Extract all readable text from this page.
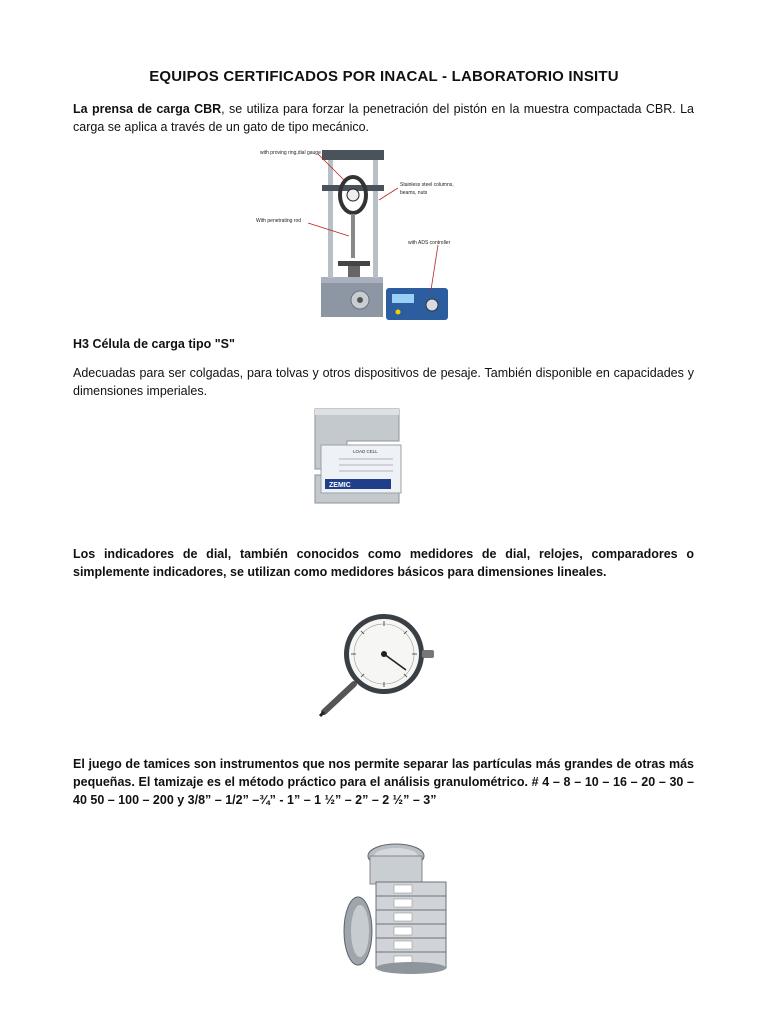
EQUIPOS CERTIFICADOS POR INACAL - LABORATORIO INSITU
La prensa de carga CBR, se utiliza para forzar la penetración del pistón en la muestra compactada CBR. La carga se aplica a través de un gato de tipo mecánico.
with proving ring,dial gauge
Stainless steel columns,
beams, nuts
With penetrating rod
with ADS controller
H3 Célula de carga tipo "S"
Adecuadas para ser colgadas, para tolvas y otros dispositivos de pesaje. También disponible en capacidades y dimensiones imperiales.
LOAD CELL
ZEMIC
Los indicadores de dial, también conocidos como medidores de dial, relojes, comparadores o simplemente indicadores, se utilizan como medidores básicos para dimensiones lineales.
El juego de tamices son instrumentos que nos permite separar las partículas más grandes de otras más pequeñas. El tamizaje es el método práctico para el análisis granulométrico. # 4 – 8 – 10 – 16 – 20 – 30 – 40 50 – 100 – 200 y 3/8” – 1/2” –¾” - 1” – 1 ½” – 2” – 2 ½” – 3”
